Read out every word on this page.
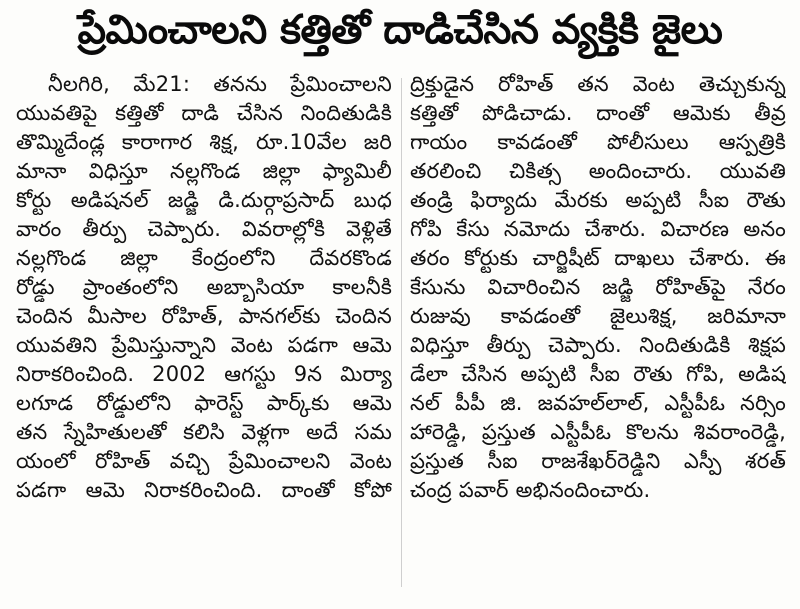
ప్రేమించాలని కత్తితో దాడిచేసిన వ్యక్తికి జైలు
నీలగిరి, మే21: తనను ప్రేమించాలని
యువతిపై కత్తితో దాడి చేసిన నిందితుడికి
తొమ్మిదేండ్ల కారాగార శిక్ష, రూ.10వేల జరి
మానా విధిస్తూ నల్లగొండ జిల్లా ఫ్యామిలీ
కోర్టు అడిషనల్ జడ్జి డి.దుర్గాప్రసాద్ బుధ
వారం తీర్పు చెప్పారు. వివరాల్లోకి వెళ్లితే
నల్లగొండ జిల్లా కేంద్రంలోని దేవరకొండ
రోడ్డు ప్రాంతంలోని అబ్బాసియా కాలనీకి
చెందిన మీసాల రోహిత్, పానగల్‌కు చెందిన
యువతిని ప్రేమిస్తున్నాని వెంట పడగా ఆమె
నిరాకరించింది. 2002 ఆగస్టు 9న మిర్యా
లగూడ రోడ్డులోని ఫారెస్ట్ పార్క్‌కు ఆమె
తన స్నేహితులతో కలిసి వెళ్లగా అదే సమ
యంలో రోహిత్ వచ్చి ప్రేమించాలని వెంట
పడగా ఆమె నిరాకరించింది. దాంతో కోపో
ద్రిక్తుడైన రోహిత్ తన వెంట తెచ్చుకున్న
కత్తితో పోడిచాడు. దాంతో ఆమెకు తీవ్ర
గాయం కావడంతో పోలీసులు ఆస్పత్రికి
తరలించి చికిత్స అందించారు. యువతి
తండ్రి ఫిర్యాదు మేరకు అప్పటి సీఐ రౌతు
గోపి కేసు నమోదు చేశారు. విచారణ అనం
తరం కోర్టుకు చార్జిషీట్ దాఖలు చేశారు. ఈ
కేసును విచారించిన జడ్జి రోహిత్‌పై నేరం
రుజువు కావడంతో జైలుశిక్ష, జరిమానా
విధిస్తూ తీర్పు చెప్పారు. నిందితుడికి శిక్షప
డేలా చేసిన అప్పటి సీఐ రౌతు గోపి, అడిష
నల్ పీపీ జి. జవహల్‌లాల్, ఎస్టీపీఓ నర్సిం
హారెడ్డి, ప్రస్తుత ఎస్టీపీఓ కొలను శివరాంరెడ్డి,
ప్రస్తుత సీఐ రాజశేఖర్‌రెడ్డిని ఎస్పీ శరత్
చంద్ర పవార్ అభినందించారు.
